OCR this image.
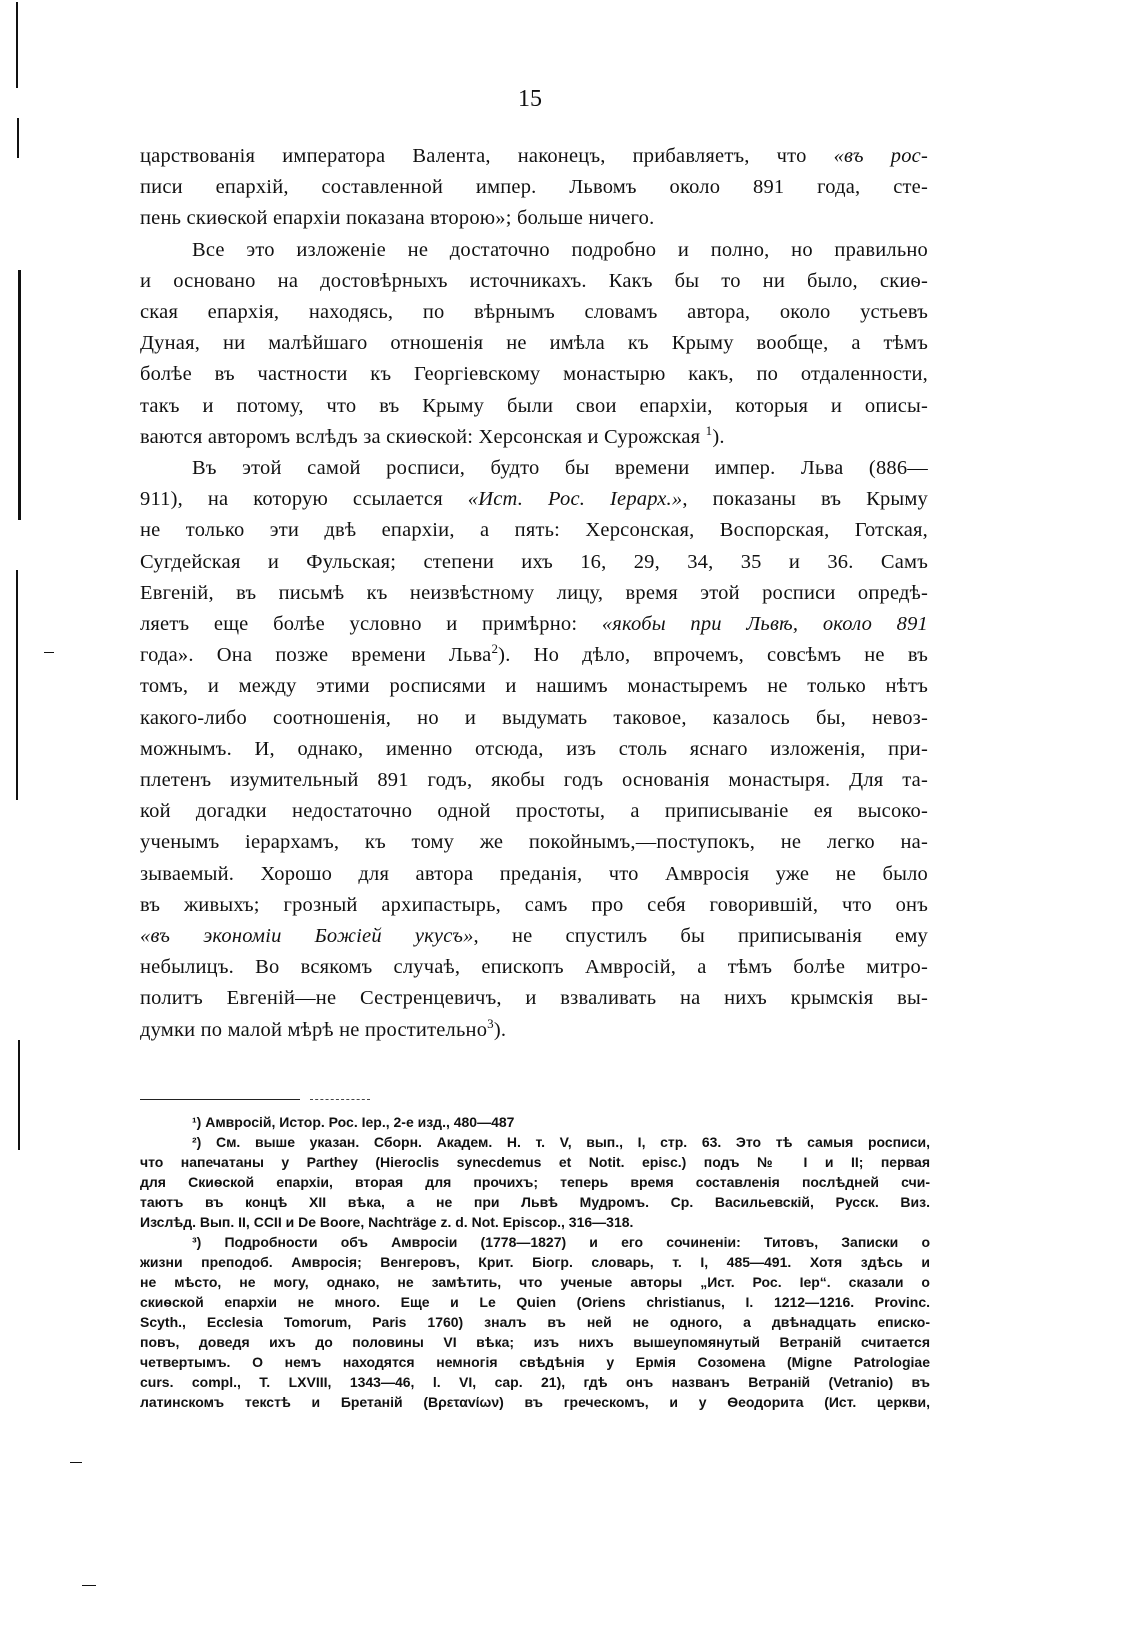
15
царствованія императора Валента, наконецъ, прибавляетъ, что «въ рос-
писи епархій, составленной импер. Львомъ около 891 года, сте-
пень скиѳской епархіи показана второю»; больше ничего.
Все это изложеніе не достаточно подробно и полно, но правильно
и основано на достовѣрныхъ источникахъ. Какъ бы то ни было, скиѳ-
ская епархія, находясь, по вѣрнымъ словамъ автора, около устьевъ
Дуная, ни малѣйшаго отношенія не имѣла къ Крыму вообще, а тѣмъ
болѣе въ частности къ Георгіевскому монастырю какъ, по отдаленности,
такъ и потому, что въ Крыму были свои епархіи, которыя и описы-
ваются авторомъ вслѣдъ за скиѳской: Херсонская и Сурожская $^1$).
Въ этой самой росписи, будто бы времени импер. Льва (886—
911), на которую ссылается «Ист. Рос. Іерарх.», показаны въ Крыму
не только эти двѣ епархіи, а пять: Херсонская, Воспорская, Готская,
Сугдейская и Фульская; степени ихъ 16, 29, 34, 35 и 36. Самъ
Евгеній, въ письмѣ къ неизвѣстному лицу, время этой росписи опредѣ-
ляетъ еще болѣе условно и примѣрно: «якобы при Львѣ, около 891
года». Она позже времени Льва$^2$). Но дѣло, впрочемъ, совсѣмъ не въ
томъ, и между этими росписями и нашимъ монастыремъ не только нѣтъ
какого-либо соотношенія, но и выдумать таковое, казалось бы, невоз-
можнымъ. И, однако, именно отсюда, изъ столь яснаго изложенія, при-
плетенъ изумительный 891 годъ, якобы годъ основанія монастыря. Для та-
кой догадки недостаточно одной простоты, а приписываніе ея высоко-
ученымъ іерархамъ, къ тому же покойнымъ,—поступокъ, не легко на-
зываемый. Хорошо для автора преданія, что Амвросія уже не было
въ живыхъ; грозный архипастырь, самъ про себя говорившій, что онъ
«въ экономіи Божіей укусъ», не спустилъ бы приписыванія ему
небылицъ. Во всякомъ случаѣ, епископъ Амвросій, а тѣмъ болѣе митро-
политъ Евгеній—не Сестренцевичъ, и взваливать на нихъ крымскія вы-
думки по малой мѣрѣ не простительно$^3$).
¹) Амвросій, Истор. Рос. Іер., 2-е изд., 480—487
²) См. выше указан. Сборн. Академ. Н. т. V, вып., I, стр. 63. Это тѣ самыя росписи,
что напечатаны у Parthey (Hierоclis synecdemus et Notit. episc.) подъ № I и II; первая
для Скиѳской епархіи, вторая для прочихъ; теперь время составленія послѣдней счи-
таютъ въ концѣ XII вѣка, а не при Львѣ Мудромъ. Ср. Васильевскій, Русск. Виз.
Изслѣд. Вып. II, CCII и De Boore, Nachträge z. d. Not. Episcop., 316—318.
³) Подробности объ Амвросіи (1778—1827) и его сочиненіи: Титовъ, Записки о
жизни преподоб. Амвросія; Венгеровъ, Крит. Біогр. словарь, т. I, 485—491. Хотя здѣсь и
не мѣсто, не могу, однако, не замѣтить, что ученые авторы „Ист. Рос. Іер“. сказали о
скиѳской епархіи не много. Еще и Le Quien (Oriens christianus, I. 1212—1216. Provinc.
Scyth., Ecclesia Tomorum, Paris 1760) зналъ въ ней не одного, а двѣнадцать еписко-
повъ, доведя ихъ до половины VI вѣка; изъ нихъ вышеупомянутый Ветраній считается
четвертымъ. О немъ находятся немногія свѣдѣнія у Ермія Созомена (Migne Patrologiae
curs. compl., T. LXVIII, 1343—46, l. VI, cap. 21), гдѣ онъ названъ Ветраній (Vetranio) въ
латинскомъ текстѣ и Бретаній (Βρεταvίων) въ греческомъ, и у Ѳеодорита (Ист. церкви,
